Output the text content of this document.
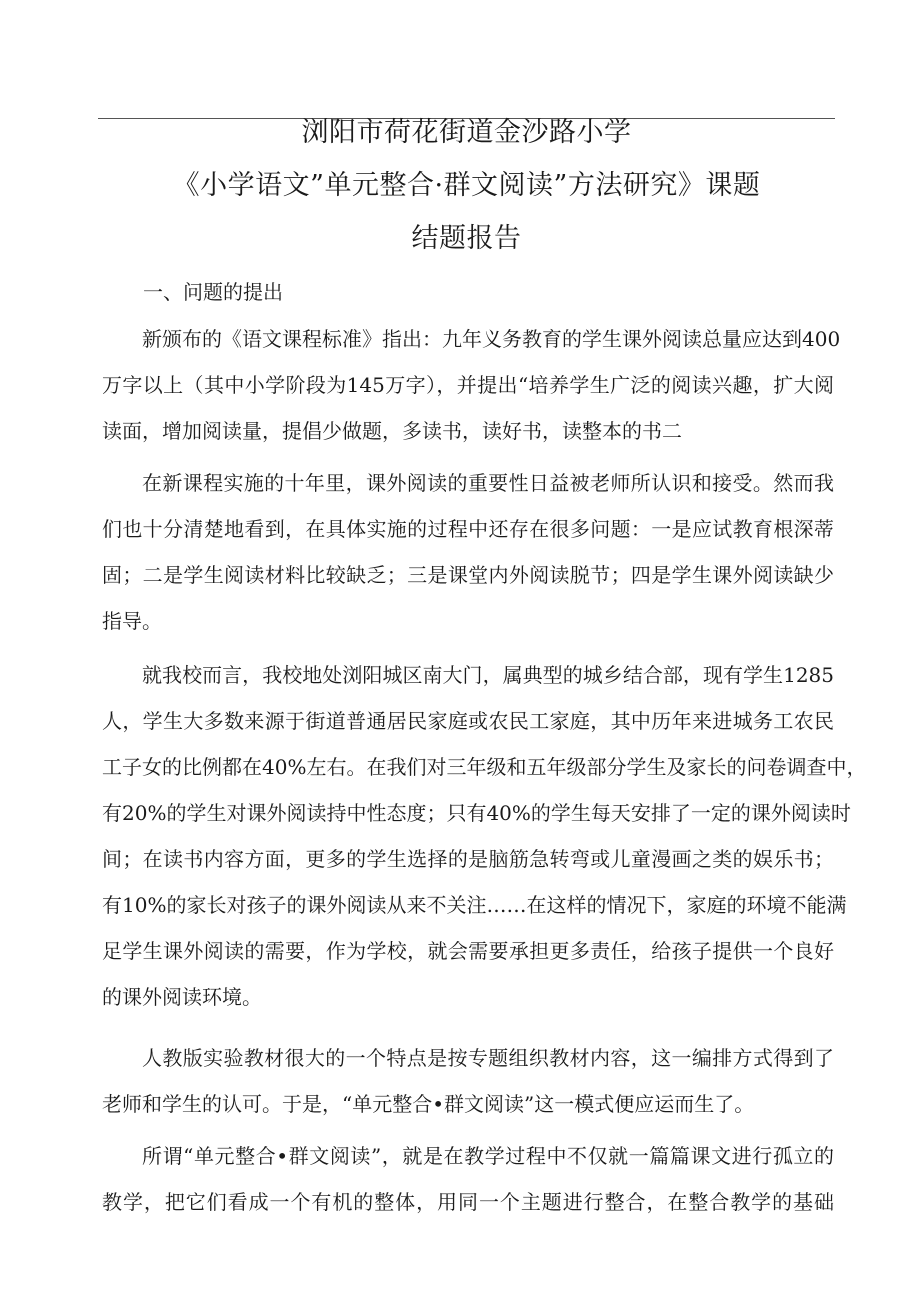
浏阳市荷花街道金沙路小学
《小学语文”单元整合·群文阅读”方法研究》课题
结题报告
一、问题的提出
新颁布的《语文课程标准》指出：九年义务教育的学生课外阅读总量应达到400
万字以上（其中小学阶段为145万字），并提出“培养学生广泛的阅读兴趣，扩大阅
读面，增加阅读量，提倡少做题，多读书，读好书，读整本的书二
在新课程实施的十年里，课外阅读的重要性日益被老师所认识和接受。然而我
们也十分清楚地看到，在具体实施的过程中还存在很多问题：一是应试教育根深蒂
固；二是学生阅读材料比较缺乏；三是课堂内外阅读脱节；四是学生课外阅读缺少
指导。
就我校而言，我校地处浏阳城区南大门，属典型的城乡结合部，现有学生1285
人，学生大多数来源于街道普通居民家庭或农民工家庭，其中历年来进城务工农民
工子女的比例都在40%左右。在我们对三年级和五年级部分学生及家长的问卷调查中，
有20%的学生对课外阅读持中性态度；只有40%的学生每天安排了一定的课外阅读时
间；在读书内容方面，更多的学生选择的是脑筋急转弯或儿童漫画之类的娱乐书；
有10%的家长对孩子的课外阅读从来不关注……在这样的情况下，家庭的环境不能满
足学生课外阅读的需要，作为学校，就会需要承担更多责任，给孩子提供一个良好
的课外阅读环境。
人教版实验教材很大的一个特点是按专题组织教材内容，这一编排方式得到了
老师和学生的认可。于是，“单元整合•群文阅读”这一模式便应运而生了。
所谓“单元整合•群文阅读”，就是在教学过程中不仅就一篇篇课文进行孤立的
教学，把它们看成一个有机的整体，用同一个主题进行整合，在整合教学的基础
